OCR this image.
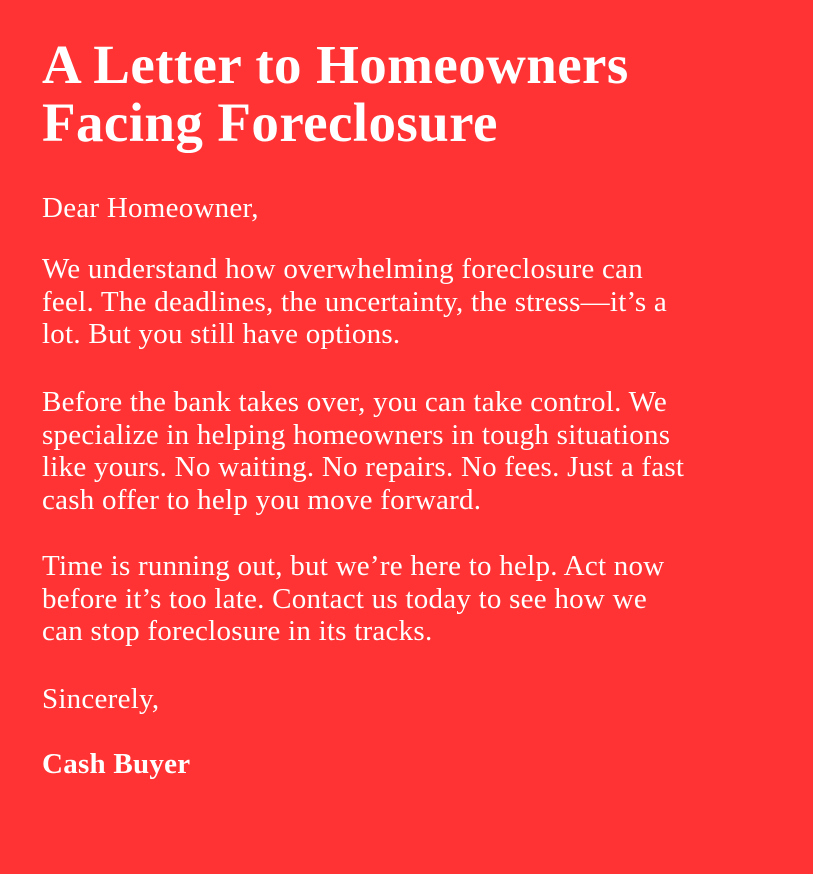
A Letter to Homeowners
Facing Foreclosure

Dear Homeowner,

We understand how overwhelming foreclosure can
feel. The deadlines, the uncertainty, the stress—it’s a
lot. But you still have options.

Before the bank takes over, you can take control. We
specialize in helping homeowners in tough situations
like yours. No waiting. No repairs. No fees. Just a fast
cash offer to help you move forward.

Time is running out, but we’re here to help. Act now
before it’s too late. Contact us today to see how we
can stop foreclosure in its tracks.

Sincerely,

Cash Buyer
